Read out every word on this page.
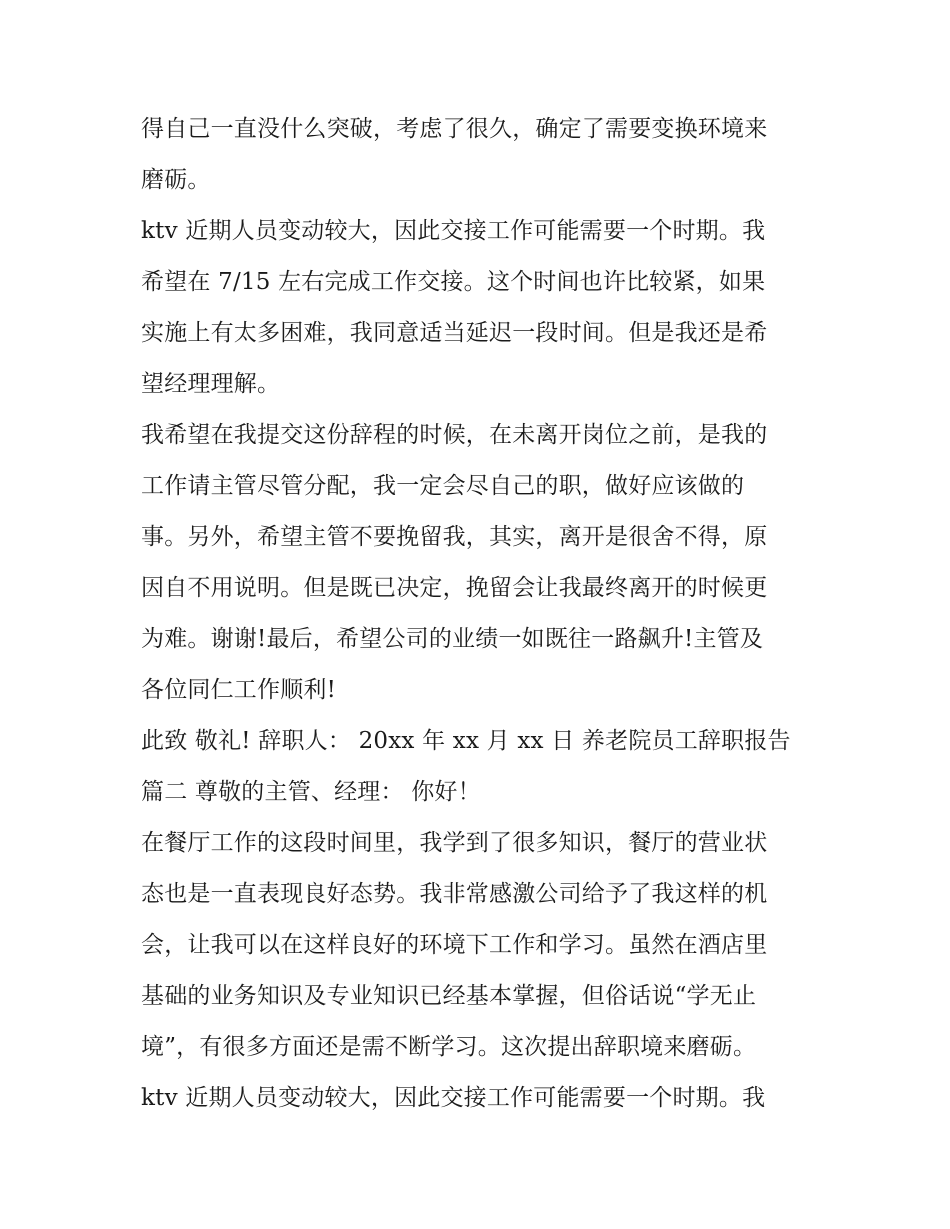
得自己一直没什么突破，考虑了很久，确定了需要变换环境来
磨砺。
ktv 近期人员变动较大，因此交接工作可能需要一个时期。我
希望在 7/15 左右完成工作交接。这个时间也许比较紧，如果
实施上有太多困难，我同意适当延迟一段时间。但是我还是希
望经理理解。
我希望在我提交这份辞程的时候，在未离开岗位之前，是我的
工作请主管尽管分配，我一定会尽自己的职，做好应该做的
事。另外，希望主管不要挽留我，其实，离开是很舍不得，原
因自不用说明。但是既已决定，挽留会让我最终离开的时候更
为难。谢谢!最后，希望公司的业绩一如既往一路飙升!主管及
各位同仁工作顺利!
此致 敬礼! 辞职人： 20xx 年 xx 月 xx 日 养老院员工辞职报告
篇二 尊敬的主管、经理： 你好！
在餐厅工作的这段时间里，我学到了很多知识，餐厅的营业状
态也是一直表现良好态势。我非常感激公司给予了我这样的机
会，让我可以在这样良好的环境下工作和学习。虽然在酒店里
基础的业务知识及专业知识已经基本掌握，但俗话说“学无止
境”，有很多方面还是需不断学习。这次提出辞职境来磨砺。
ktv 近期人员变动较大，因此交接工作可能需要一个时期。我
